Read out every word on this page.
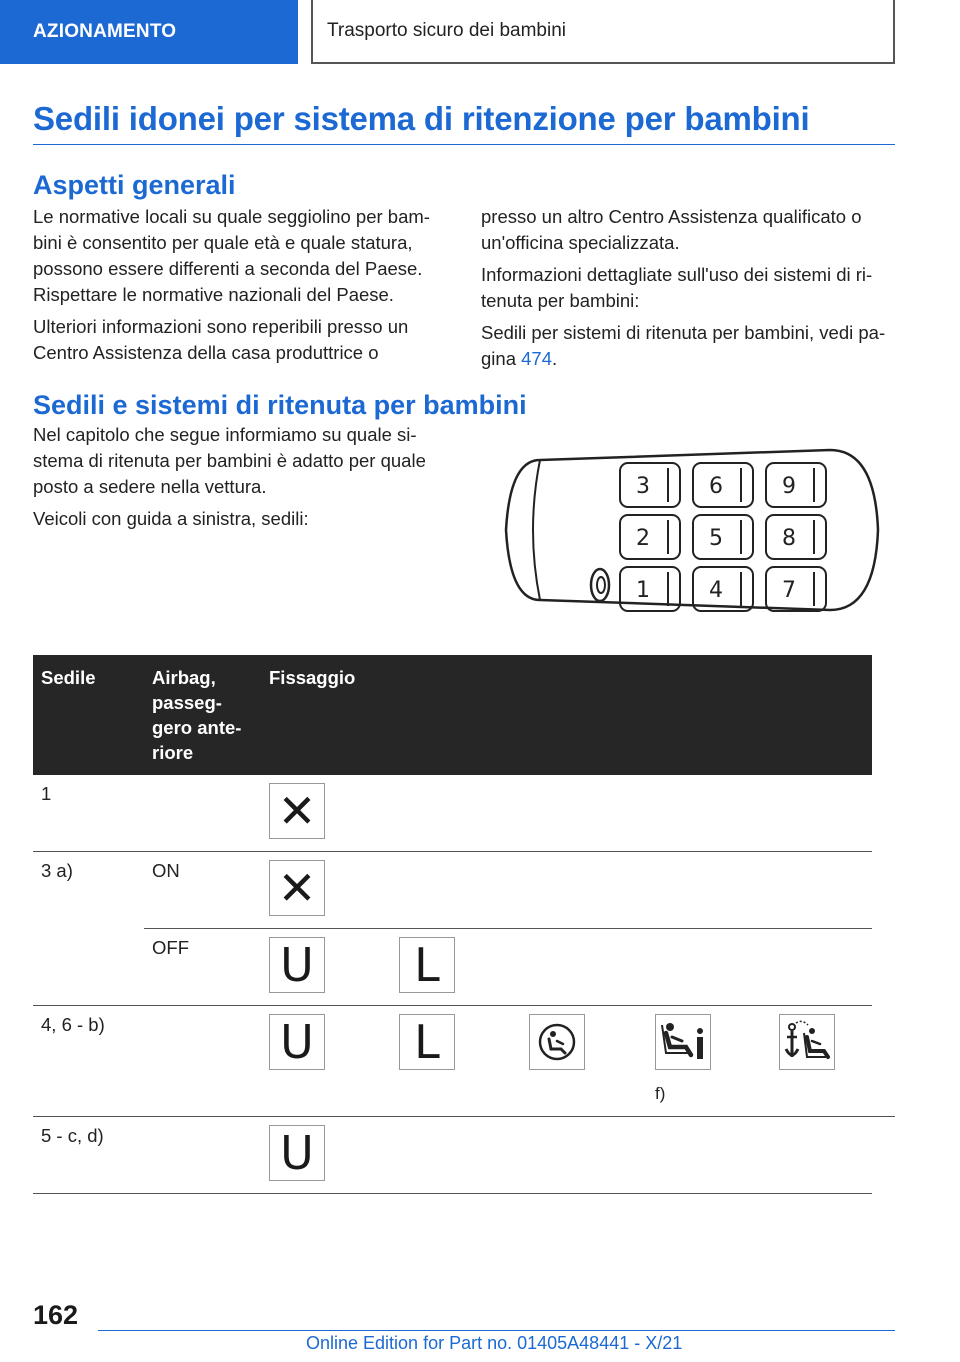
AZIONAMENTO	Trasporto sicuro dei bambini
Sedili idonei per sistema di ritenzione per bambini
Aspetti generali

Le normative locali su quale seggiolino per bambini è consentito per quale età e quale statura, possono essere differenti a seconda del Paese. Rispettare le normative nazionali del Paese.

Ulteriori informazioni sono reperibili presso un Centro Assistenza della casa produttrice o

presso un altro Centro Assistenza qualificato o un'officina specializzata.

Informazioni dettagliate sull'uso dei sistemi di ritenuta per bambini:

Sedili per sistemi di ritenuta per bambini, vedi pagina 474.

Sedili e sistemi di ritenuta per bambini

Nel capitolo che segue informiamo su quale sistema di ritenuta per bambini è adatto per quale posto a sedere nella vettura.

Veicoli con guida a sinistra, sedili:

3	6	9
2	5	8
1	4	7
Sedile	Airbag, passeggero anteriore	Fissaggio					
1		✕					

3 a)	ON	✕					

	OFF	U	L				

4, 6 - b)		U	L		f)

5 - c, d)		U					

162
Online Edition for Part no. 01405A48441 - X/21
